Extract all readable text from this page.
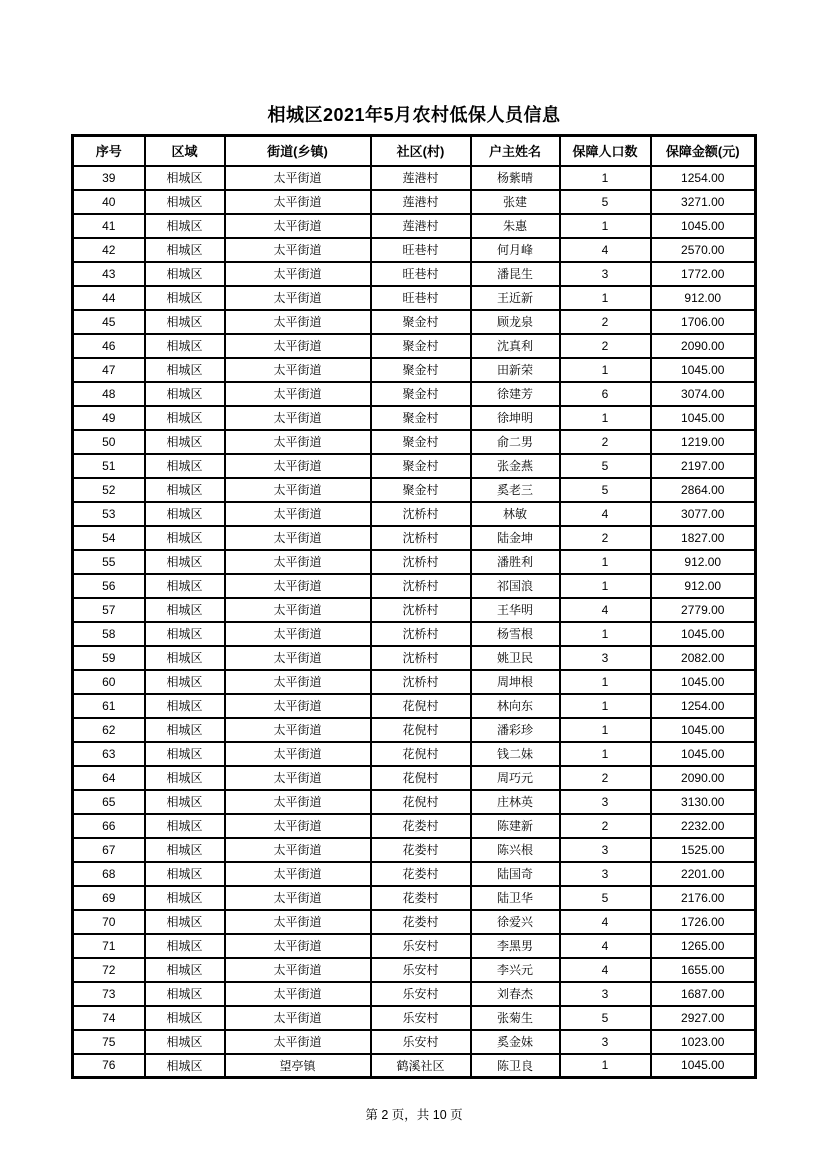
相城区2021年5月农村低保人员信息
序号	区域	街道(乡镇)	社区(村)	户主姓名	保障人口数	保障金额(元)
39	相城区	太平街道	莲港村	杨紫晴	1	1254.00
40	相城区	太平街道	莲港村	张建	5	3271.00
41	相城区	太平街道	莲港村	朱惠	1	1045.00
42	相城区	太平街道	旺巷村	何月峰	4	2570.00
43	相城区	太平街道	旺巷村	潘昆生	3	1772.00
44	相城区	太平街道	旺巷村	王近新	1	912.00
45	相城区	太平街道	聚金村	顾龙泉	2	1706.00
46	相城区	太平街道	聚金村	沈真利	2	2090.00
47	相城区	太平街道	聚金村	田新荣	1	1045.00
48	相城区	太平街道	聚金村	徐建芳	6	3074.00
49	相城区	太平街道	聚金村	徐坤明	1	1045.00
50	相城区	太平街道	聚金村	俞二男	2	1219.00
51	相城区	太平街道	聚金村	张金燕	5	2197.00
52	相城区	太平街道	聚金村	奚老三	5	2864.00
53	相城区	太平街道	沈桥村	林敏	4	3077.00
54	相城区	太平街道	沈桥村	陆金坤	2	1827.00
55	相城区	太平街道	沈桥村	潘胜利	1	912.00
56	相城区	太平街道	沈桥村	祁国浪	1	912.00
57	相城区	太平街道	沈桥村	王华明	4	2779.00
58	相城区	太平街道	沈桥村	杨雪根	1	1045.00
59	相城区	太平街道	沈桥村	姚卫民	3	2082.00
60	相城区	太平街道	沈桥村	周坤根	1	1045.00
61	相城区	太平街道	花倪村	林向东	1	1254.00
62	相城区	太平街道	花倪村	潘彩珍	1	1045.00
63	相城区	太平街道	花倪村	钱二妹	1	1045.00
64	相城区	太平街道	花倪村	周巧元	2	2090.00
65	相城区	太平街道	花倪村	庄林英	3	3130.00
66	相城区	太平街道	花娄村	陈建新	2	2232.00
67	相城区	太平街道	花娄村	陈兴根	3	1525.00
68	相城区	太平街道	花娄村	陆国奇	3	2201.00
69	相城区	太平街道	花娄村	陆卫华	5	2176.00
70	相城区	太平街道	花娄村	徐爱兴	4	1726.00
71	相城区	太平街道	乐安村	李黑男	4	1265.00
72	相城区	太平街道	乐安村	李兴元	4	1655.00
73	相城区	太平街道	乐安村	刘春杰	3	1687.00
74	相城区	太平街道	乐安村	张菊生	5	2927.00
75	相城区	太平街道	乐安村	奚金妹	3	1023.00
76	相城区	望亭镇	鹤溪社区	陈卫良	1	1045.00
第 2 页，共 10 页
